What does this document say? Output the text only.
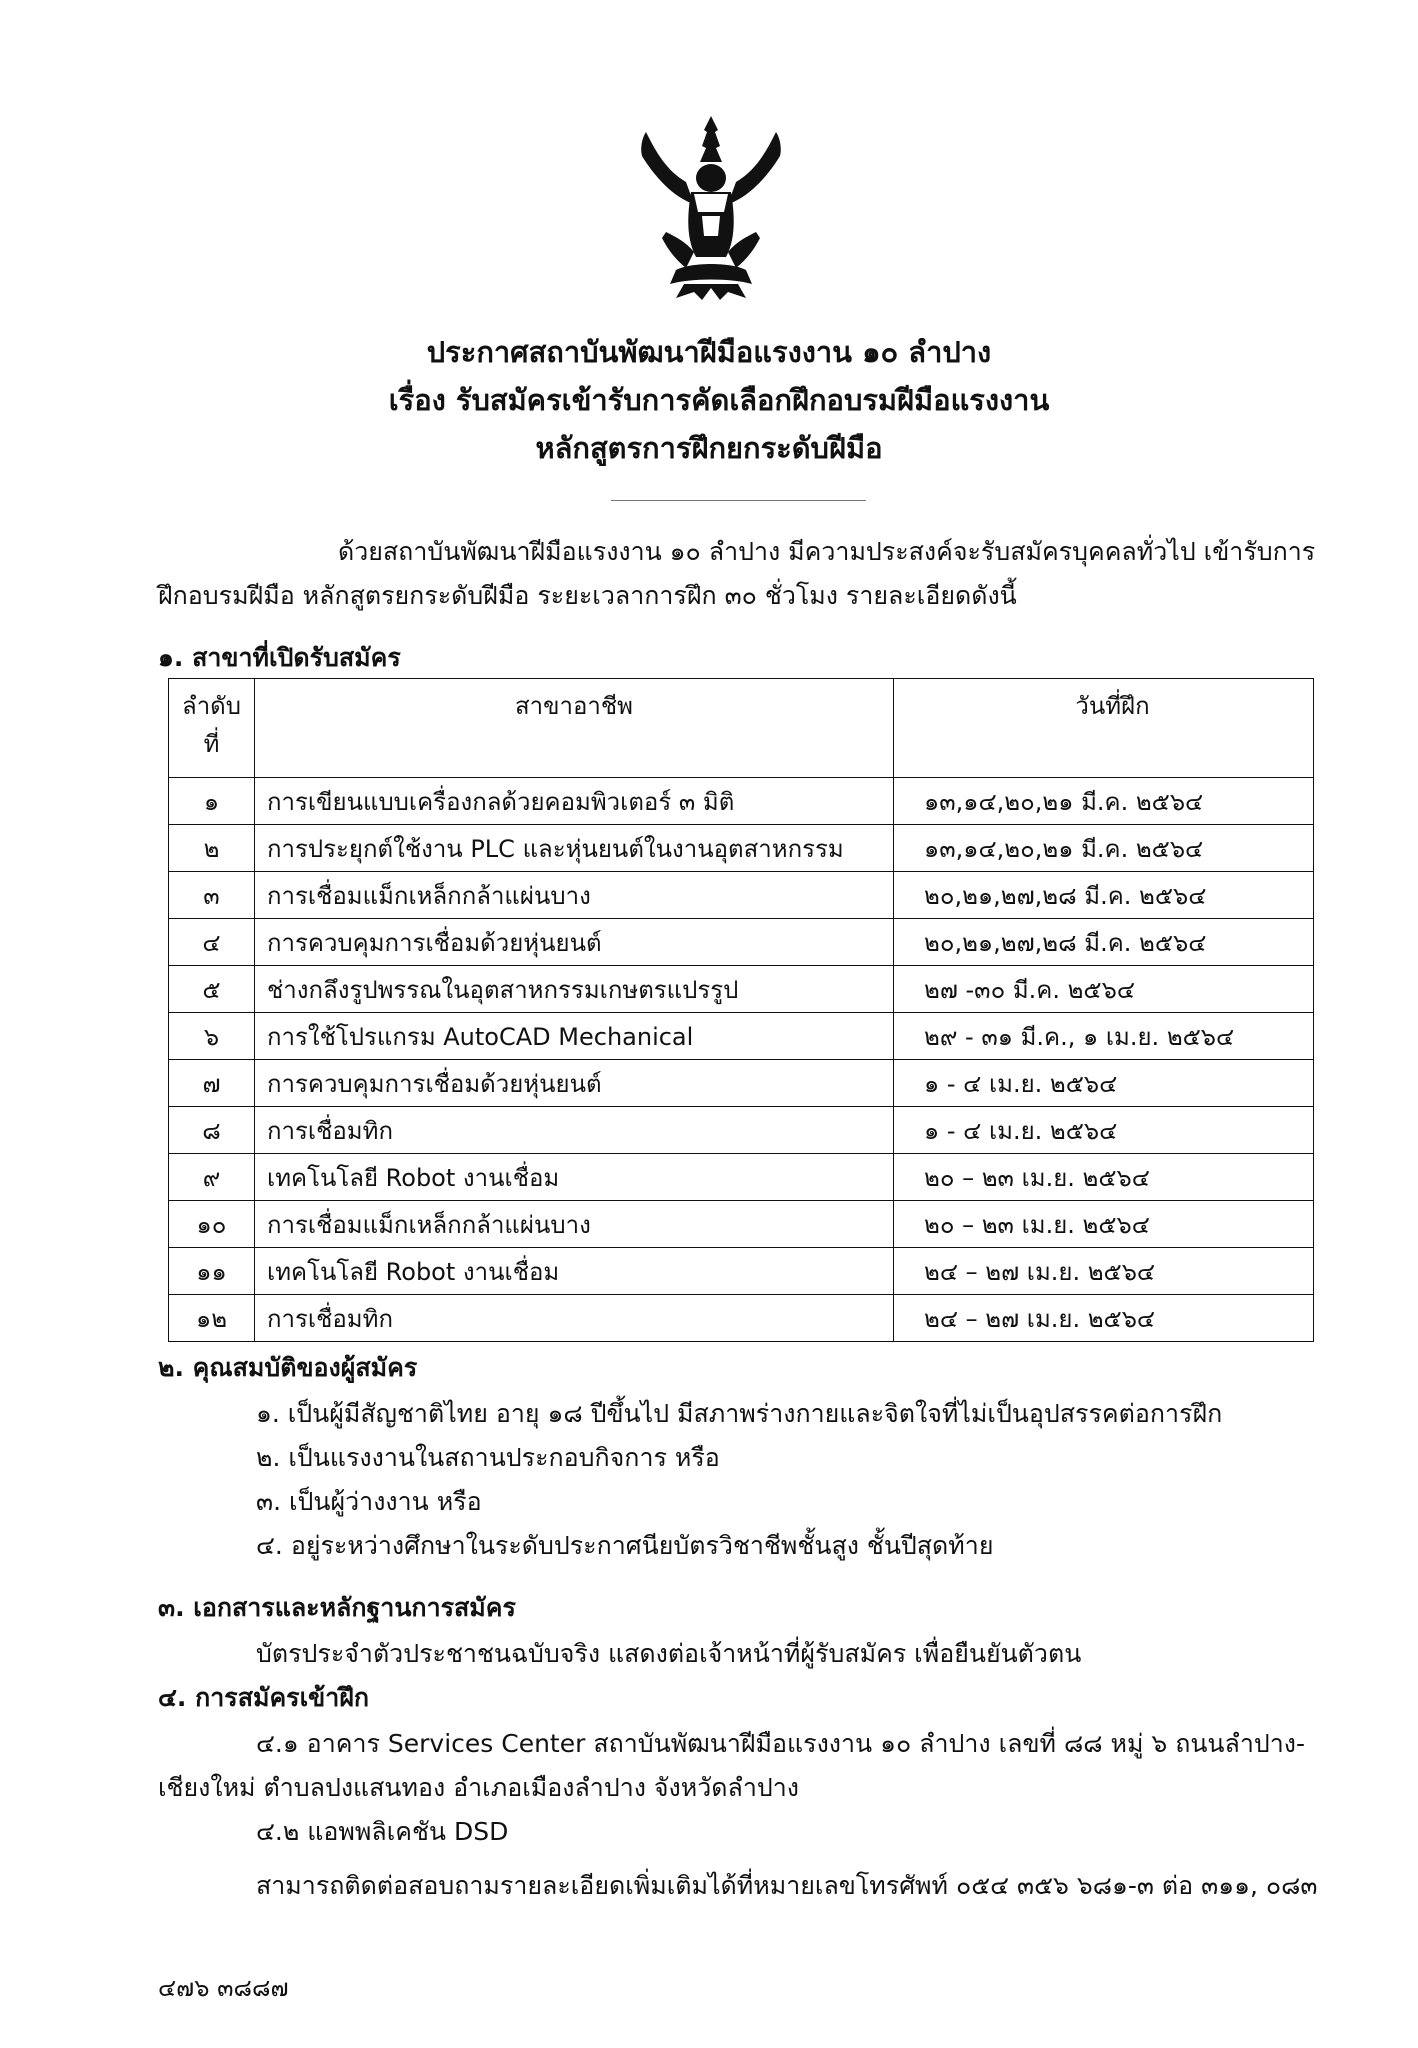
ประกาศสถาบันพัฒนาฝีมือแรงงาน ๑๐ ลำปาง
เรื่อง รับสมัครเข้ารับการคัดเลือกฝึกอบรมฝีมือแรงงาน
หลักสูตรการฝึกยกระดับฝีมือ
ด้วยสถาบันพัฒนาฝีมือแรงงาน ๑๐ ลำปาง มีความประสงค์จะรับสมัครบุคคลทั่วไป เข้ารับการ
ฝึกอบรมฝีมือ หลักสูตรยกระดับฝีมือ ระยะเวลาการฝึก ๓๐ ชั่วโมง รายละเอียดดังนี้
๑. สาขาที่เปิดรับสมัคร
ลำดับ ที่	สาขาอาชีพ	วันที่ฝึก
๑	การเขียนแบบเครื่องกลด้วยคอมพิวเตอร์ ๓ มิติ	๑๓,๑๔,๒๐,๒๑ มี.ค. ๒๕๖๔
๒	การประยุกต์ใช้งาน PLC และหุ่นยนต์ในงานอุตสาหกรรม	๑๓,๑๔,๒๐,๒๑ มี.ค. ๒๕๖๔
๓	การเชื่อมแม็กเหล็กกล้าแผ่นบาง	๒๐,๒๑,๒๗,๒๘ มี.ค. ๒๕๖๔
๔	การควบคุมการเชื่อมด้วยหุ่นยนต์	๒๐,๒๑,๒๗,๒๘ มี.ค. ๒๕๖๔
๕	ช่างกลึงรูปพรรณในอุตสาหกรรมเกษตรแปรรูป	๒๗ -๓๐ มี.ค. ๒๕๖๔
๖	การใช้โปรแกรม AutoCAD Mechanical	๒๙ - ๓๑ มี.ค., ๑ เม.ย. ๒๕๖๔
๗	การควบคุมการเชื่อมด้วยหุ่นยนต์	๑ - ๔ เม.ย. ๒๕๖๔
๘	การเชื่อมทิก	๑ - ๔ เม.ย. ๒๕๖๔
๙	เทคโนโลยี Robot งานเชื่อม	๒๐ – ๒๓ เม.ย. ๒๕๖๔
๑๐	การเชื่อมแม็กเหล็กกล้าแผ่นบาง	๒๐ – ๒๓ เม.ย. ๒๕๖๔
๑๑	เทคโนโลยี Robot งานเชื่อม	๒๔ – ๒๗ เม.ย. ๒๕๖๔
๑๒	การเชื่อมทิก	๒๔ – ๒๗ เม.ย. ๒๕๖๔
๒. คุณสมบัติของผู้สมัคร
๑. เป็นผู้มีสัญชาติไทย อายุ ๑๘ ปีขึ้นไป มีสภาพร่างกายและจิตใจที่ไม่เป็นอุปสรรคต่อการฝึก
๒. เป็นแรงงานในสถานประกอบกิจการ หรือ
๓. เป็นผู้ว่างงาน หรือ
๔. อยู่ระหว่างศึกษาในระดับประกาศนียบัตรวิชาชีพชั้นสูง ชั้นปีสุดท้าย
๓. เอกสารและหลักฐานการสมัคร
บัตรประจำตัวประชาชนฉบับจริง แสดงต่อเจ้าหน้าที่ผู้รับสมัคร เพื่อยืนยันตัวตน
๔. การสมัครเข้าฝึก
๔.๑ อาคาร Services Center สถาบันพัฒนาฝีมือแรงงาน ๑๐ ลำปาง เลขที่ ๘๘ หมู่ ๖ ถนนลำปาง-
เชียงใหม่ ตำบลปงแสนทอง อำเภอเมืองลำปาง จังหวัดลำปาง
๔.๒ แอพพลิเคชัน DSD
สามารถติดต่อสอบถามรายละเอียดเพิ่มเติมได้ที่หมายเลขโทรศัพท์ ๐๕๔ ๓๕๖ ๖๘๑-๓ ต่อ ๓๑๑, ๐๘๓
๔๗๖ ๓๘๘๗
